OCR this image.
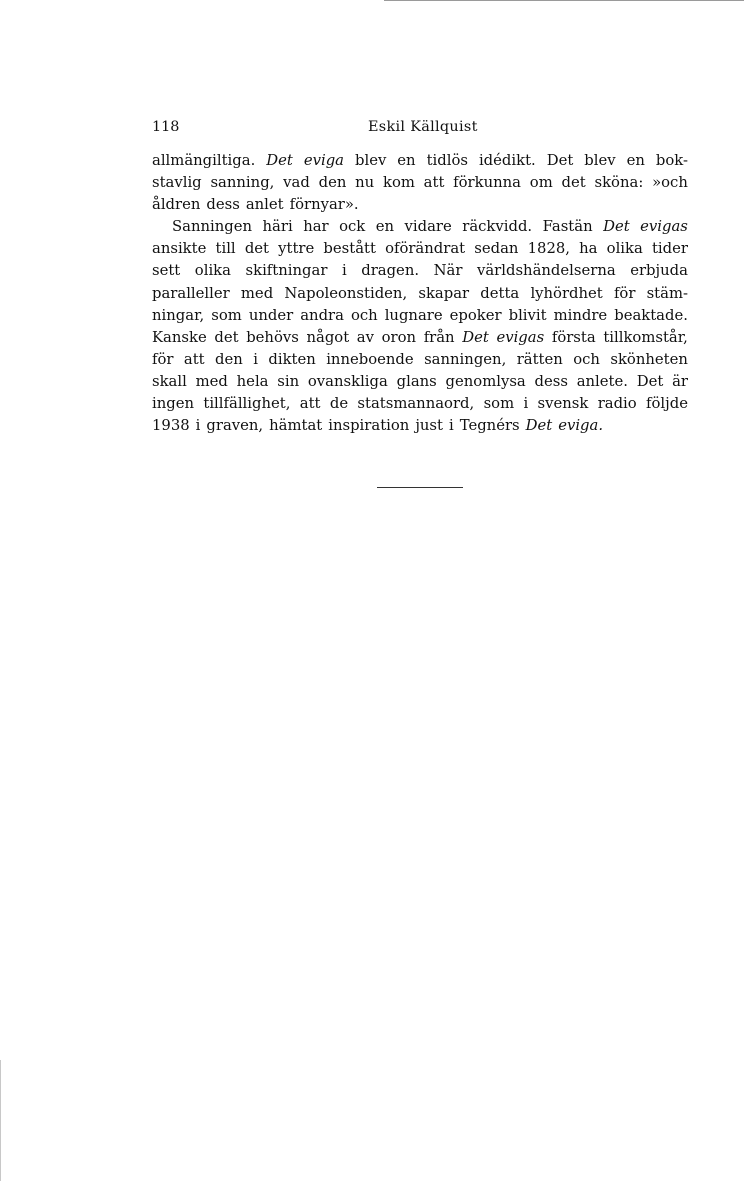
118	Eskil Källquist
allmängiltiga. Det eviga blev en tidlös idédikt. Det blev en bok-
stavlig sanning, vad den nu kom att förkunna om det sköna: »och
åldren dess anlet förnyar».
Sanningen häri har ock en vidare räckvidd. Fastän Det evigas
ansikte till det yttre bestått oförändrat sedan 1828, ha olika tider
sett olika skiftningar i dragen. När världshändelserna erbjuda
paralleller med Napoleonstiden, skapar detta lyhördhet för stäm-
ningar, som under andra och lugnare epoker blivit mindre beaktade.
Kanske det behövs något av oron från Det evigas första tillkomstår,
för att den i dikten inneboende sanningen, rätten och skönheten
skall med hela sin ovanskliga glans genomlysa dess anlete. Det är
ingen tillfällighet, att de statsmannaord, som i svensk radio följde
1938 i graven, hämtat inspiration just i Tegnérs Det eviga.
